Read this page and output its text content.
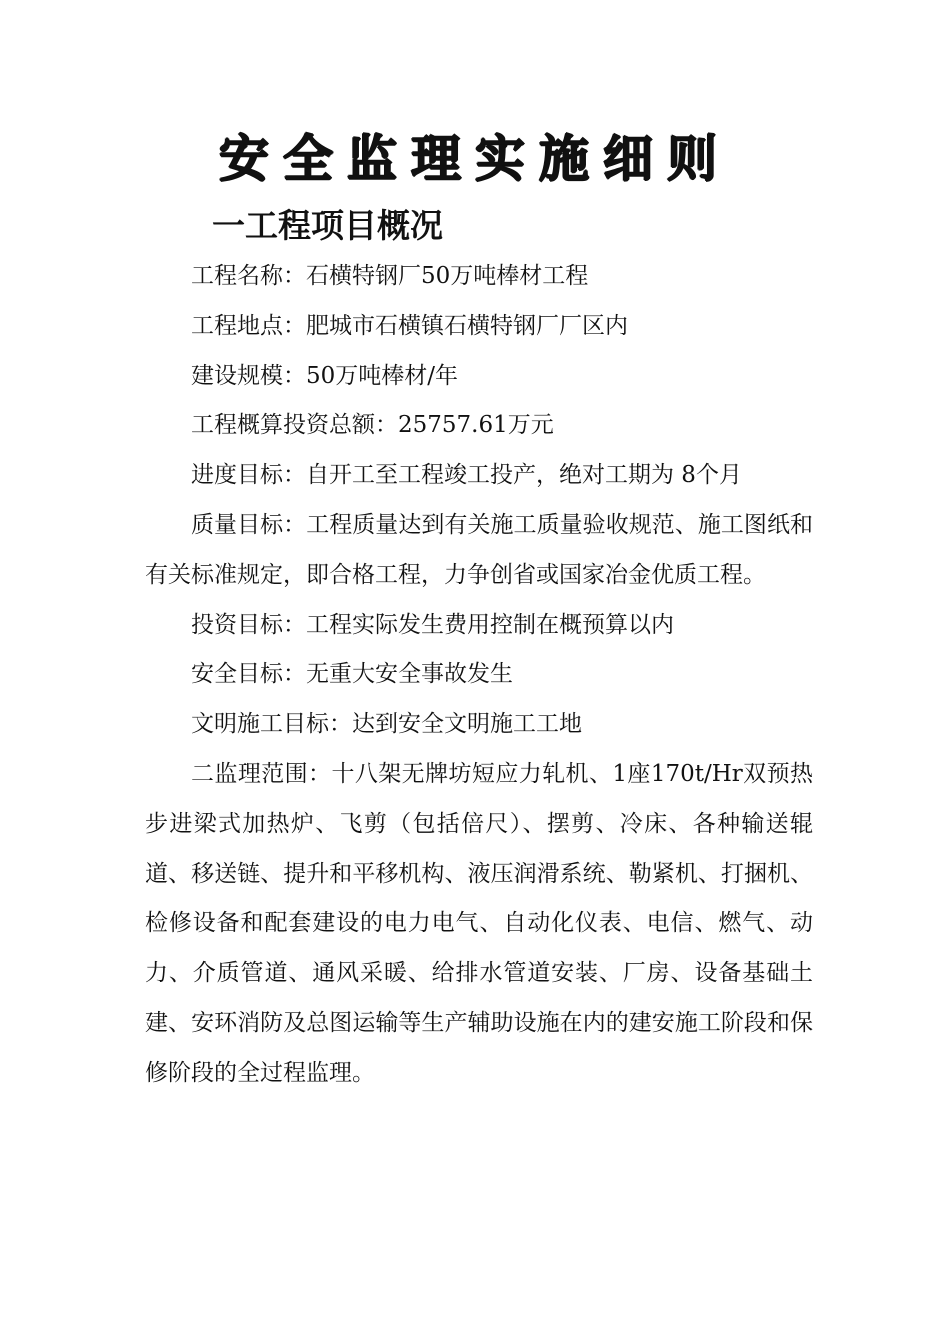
安全监理实施细则
一工程项目概况

工程名称：石横特钢厂50万吨棒材工程

工程地点：肥城市石横镇石横特钢厂厂区内

建设规模：50万吨棒材/年

工程概算投资总额：25757.61万元

进度目标：自开工至工程竣工投产，绝对工期为 8个月

质量目标：工程质量达到有关施工质量验收规范、施工图纸和有关标准规定，即合格工程，力争创省或国家冶金优质工程。

投资目标：工程实际发生费用控制在概预算以内

安全目标：无重大安全事故发生

文明施工目标：达到安全文明施工工地

二监理范围：十八架无牌坊短应力轧机、1座170t/Hr双预热步进梁式加热炉、飞剪（包括倍尺）、摆剪、冷床、各种输送辊道、移送链、提升和平移机构、液压润滑系统、勒紧机、打捆机、检修设备和配套建设的电力电气、自动化仪表、电信、燃气、动力、介质管道、通风采暖、给排水管道安装、厂房、设备基础土建、安环消防及总图运输等生产辅助设施在内的建安施工阶段和保修阶段的全过程监理。
